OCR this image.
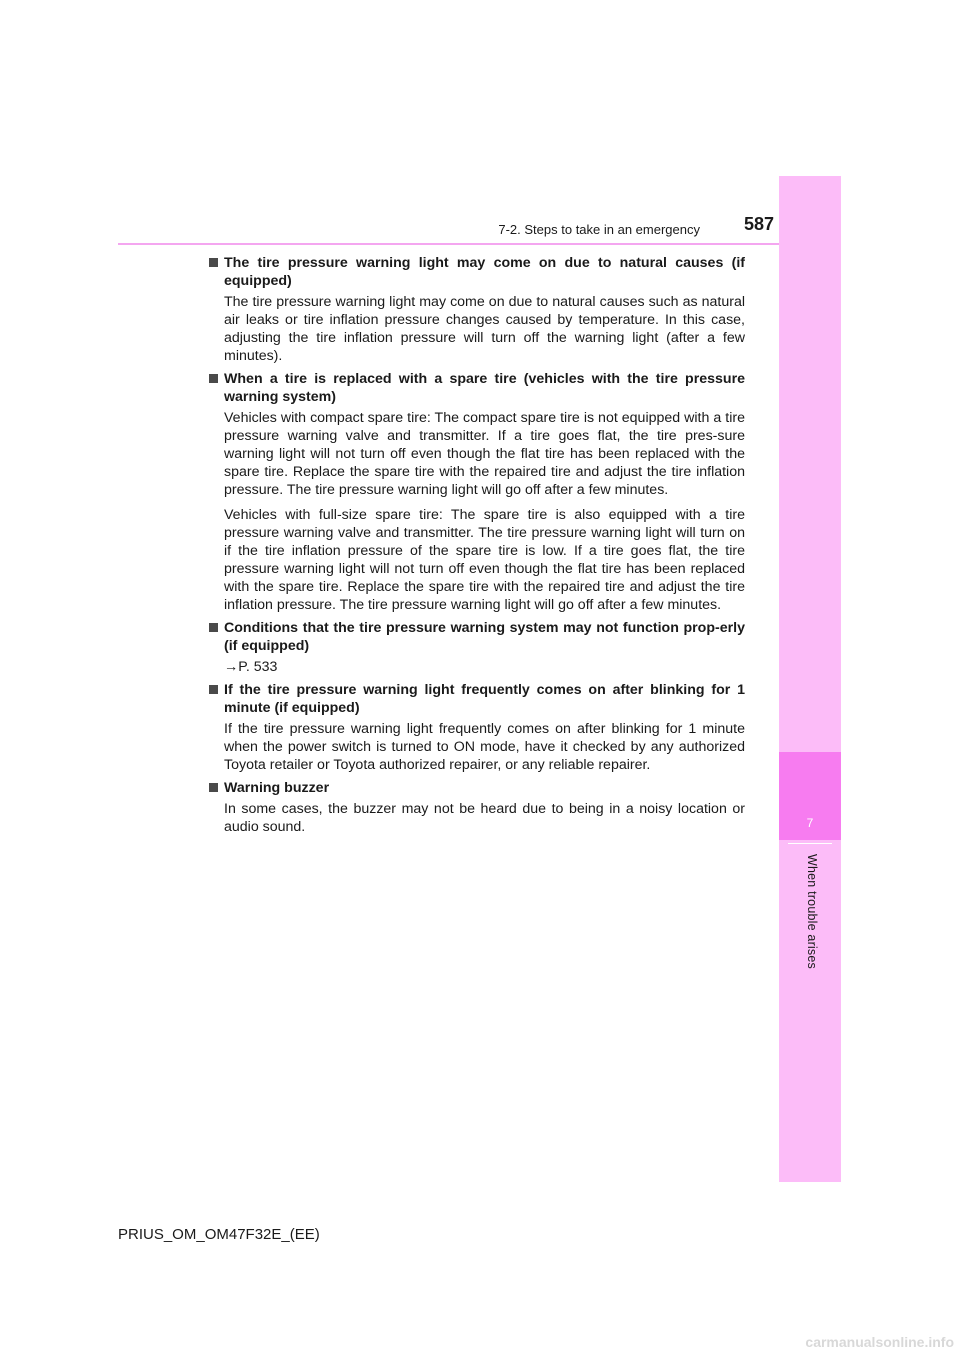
7-2. Steps to take in an emergency	587
7
When trouble arises
The tire pressure warning light may come on due to natural causes (if equipped)
The tire pressure warning light may come on due to natural causes such as natural air leaks or tire inflation pressure changes caused by temperature. In this case, adjusting the tire inflation pressure will turn off the warning light (after a few minutes).
When a tire is replaced with a spare tire (vehicles with the tire pressure warning system)
Vehicles with compact spare tire: The compact spare tire is not equipped with a tire pressure warning valve and transmitter. If a tire goes flat, the tire pres-sure warning light will not turn off even though the flat tire has been replaced with the spare tire. Replace the spare tire with the repaired tire and adjust the tire inflation pressure. The tire pressure warning light will go off after a few minutes.
Vehicles with full-size spare tire: The spare tire is also equipped with a tire pressure warning valve and transmitter. The tire pressure warning light will turn on if the tire inflation pressure of the spare tire is low. If a tire goes flat, the tire pressure warning light will not turn off even though the flat tire has been replaced with the spare tire. Replace the spare tire with the repaired tire and adjust the tire inflation pressure. The tire pressure warning light will go off after a few minutes.
Conditions that the tire pressure warning system may not function prop-erly (if equipped)
→P. 533
If the tire pressure warning light frequently comes on after blinking for 1 minute (if equipped)
If the tire pressure warning light frequently comes on after blinking for 1 minute when the power switch is turned to ON mode, have it checked by any authorized Toyota retailer or Toyota authorized repairer, or any reliable repairer.
Warning buzzer
In some cases, the buzzer may not be heard due to being in a noisy location or audio sound.
PRIUS_OM_OM47F32E_(EE)
carmanualsonline.info
